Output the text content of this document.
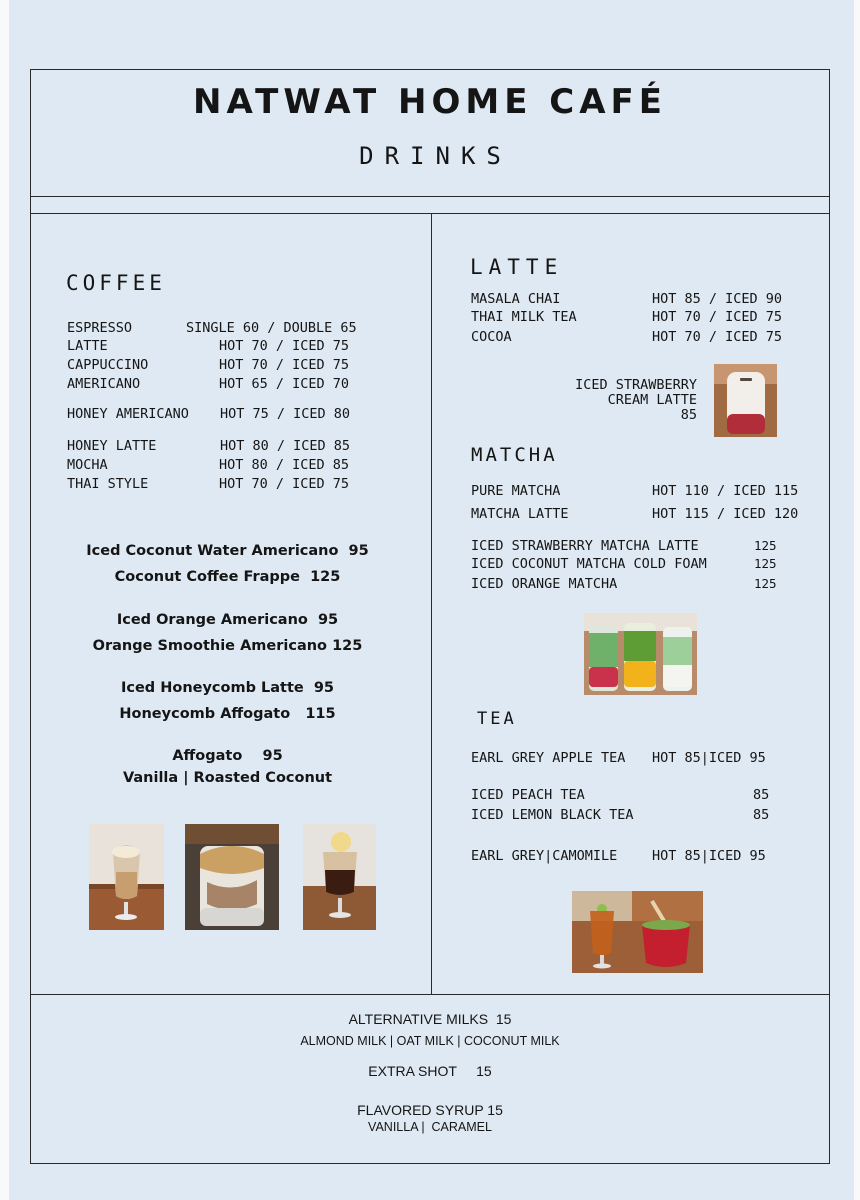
NATWAT HOME CAFÉ
DRINKS
COFFEE
ESPRESSO	SINGLE 60 / DOUBLE 65
LATTE	HOT 70 / ICED 75
CAPPUCCINO	HOT 70 / ICED 75
AMERICANO	HOT 65 / ICED 70
HONEY AMERICANO HOT 75 / ICED 80
HONEY LATTE	HOT 80 / ICED 85
MOCHA	HOT 80 / ICED 85
THAI STYLE	HOT 70 / ICED 75
Iced Coconut Water Americano  95
Coconut Coffee Frappe  125
Iced Orange Americano  95
Orange Smoothie Americano 125
Iced Honeycomb Latte  95
Honeycomb Affogato   115
Affogato    95
Vanilla | Roasted Coconut
LATTE
MASALA CHAI	HOT 85 / ICED 90
THAI MILK TEA	HOT 70 / ICED 75
COCOA	HOT 70 / ICED 75
ICED STRAWBERRY
CREAM LATTE
85
MATCHA
PURE MATCHA	HOT 110 / ICED 115
MATCHA LATTE	HOT 115 / ICED 120
ICED STRAWBERRY MATCHA LATTE	125
ICED COCONUT MATCHA COLD FOAM	125
ICED ORANGE MATCHA	125
TEA
EARL GREY APPLE TEA HOT 85|ICED 95
ICED PEACH TEA	85
ICED LEMON BLACK TEA	85
EARL GREY|CAMOMILE	HOT 85|ICED 95
ALTERNATIVE MILKS  15
ALMOND MILK | OAT MILK | COCONUT MILK
EXTRA SHOT     15
FLAVORED SYRUP 15
VANILLA |  CARAMEL
